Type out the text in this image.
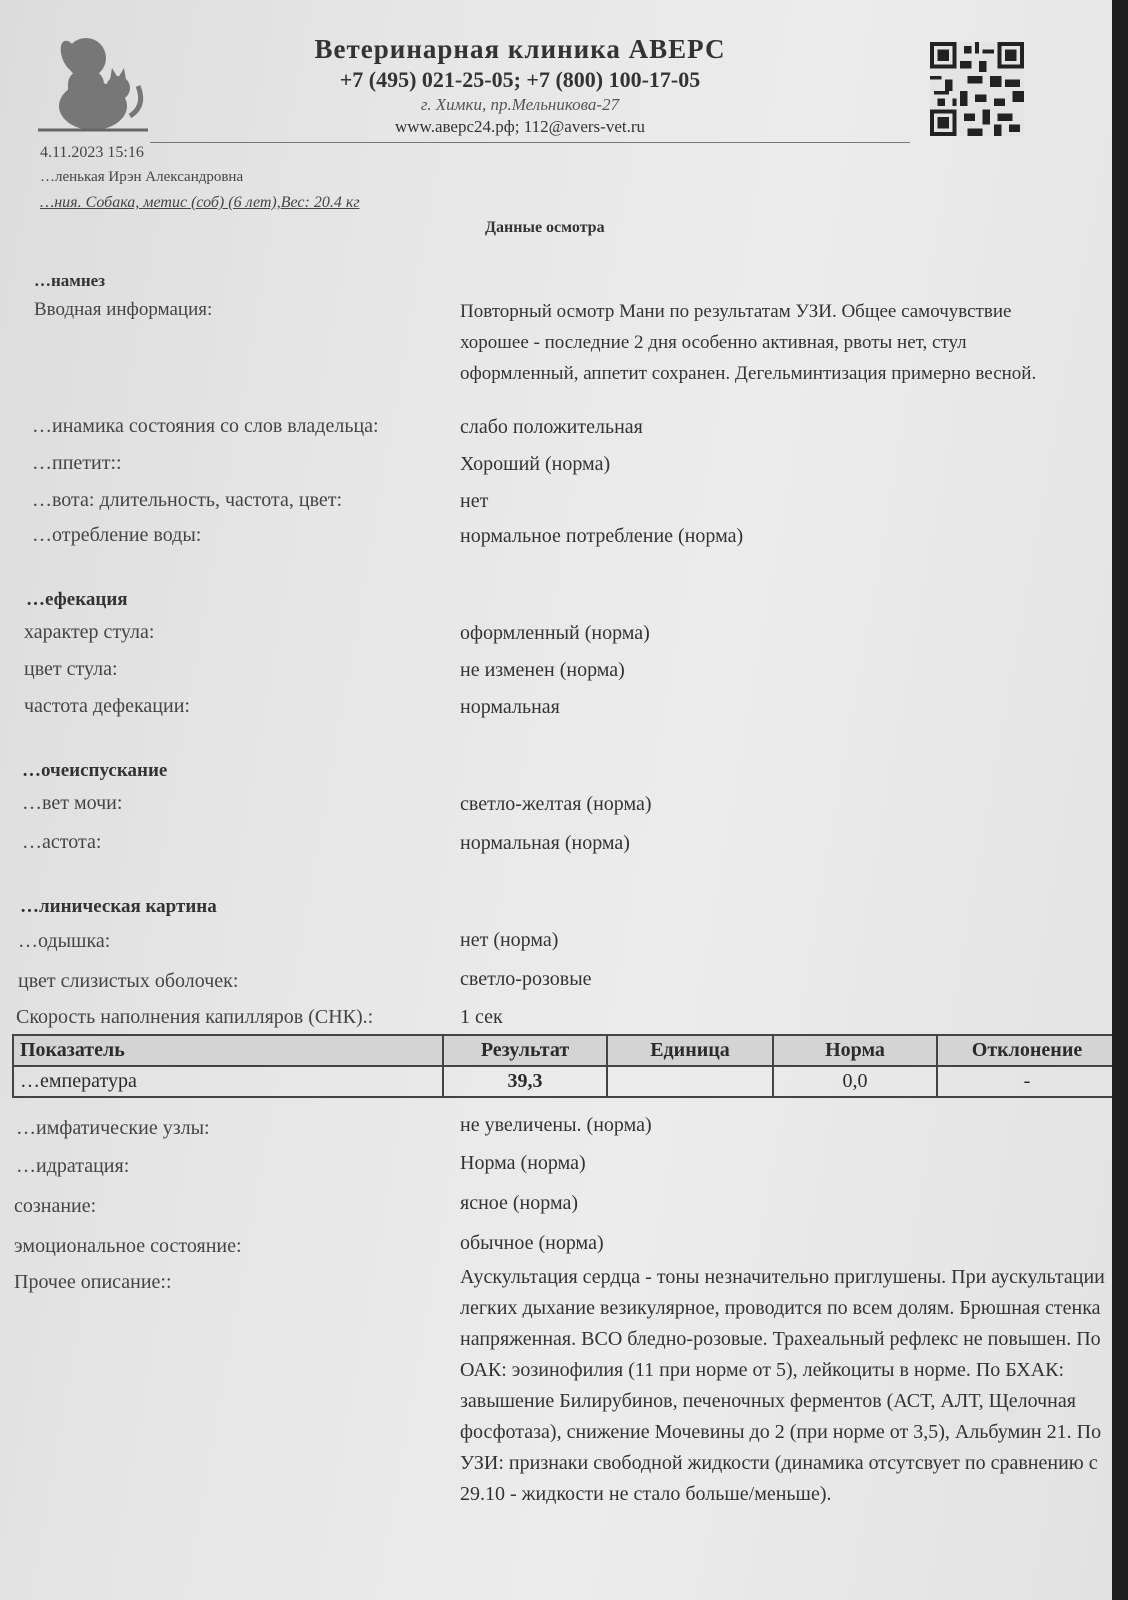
Ветеринарная клиника АВЕРС
+7 (495) 021-25-05; +7 (800) 100-17-05
г. Химки, пр.Мельникова-27
www.аверс24.рф; 112@avers-vet.ru
4.11.2023 15:16
…ленькая Ирэн Александровна
…ния. Собака, метис (соб) (6 лет),Вес: 20.4 кг
Данные осмотра
…намнез
Вводная информация:	Повторный осмотр Мани по результатам УЗИ. Общее самочувствие хорошее - последние 2 дня особенно активная, рвоты нет, стул оформленный, аппетит сохранен. Дегельминтизация примерно весной.
…инамика состояния со слов владельца:	слабо положительная
…ппетит::	Хороший (норма)
…вота: длительность, частота, цвет:	нет
…отребление воды:	нормальное потребление (норма)
…ефекация
характер стула:	оформленный (норма)
цвет стула:	не изменен (норма)
частота дефекации:	нормальная
…очеиспускание
…вет мочи:	светло-желтая (норма)
…астота:	нормальная (норма)
…линическая картина
…одышка:	нет (норма)
цвет слизистых оболочек:	светло-розовые
Скорость наполнения капилляров (СНК).:	1 сек
Показатель	Результат	Единица	Норма	Отклонение
…емпература	39,3		0,0	-
…имфатические узлы:	не увеличены. (норма)
…идратация:	Норма (норма)
сознание:	ясное (норма)
эмоциональное состояние:	обычное (норма)
Прочее описание::	Аускультация сердца - тоны незначительно приглушены. При аускультации легких дыхание везикулярное, проводится по всем долям. Брюшная стенка напряженная. ВСО бледно-розовые. Трахеальный рефлекс не повышен. По ОАК: эозинофилия (11 при норме от 5), лейкоциты в норме. По БХАК: завышение Билирубинов, печеночных ферментов (АСТ, АЛТ, Щелочная фосфотаза), снижение Мочевины до 2 (при норме от 3,5), Альбумин 21. По УЗИ: признаки свободной жидкости (динамика отсутсвует по сравнению с 29.10 - жидкости не стало больше/меньше).
